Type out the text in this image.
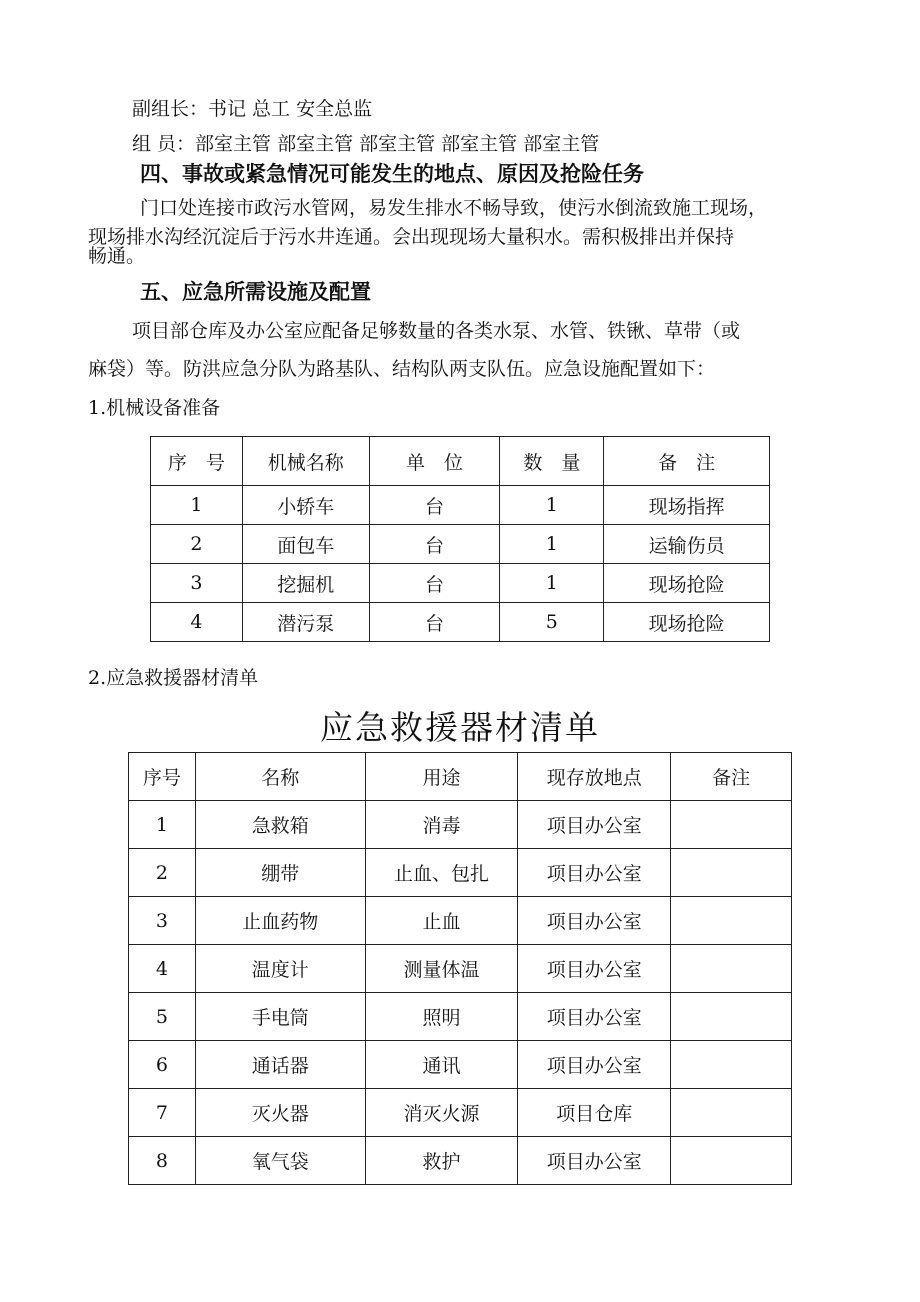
副组长：书记 总工 安全总监
组 员：部室主管 部室主管 部室主管 部室主管 部室主管
四、事故或紧急情况可能发生的地点、原因及抢险任务
门口处连接市政污水管网，易发生排水不畅导致，使污水倒流致施工现场，
现场排水沟经沉淀后于污水井连通。会出现现场大量积水。需积极排出并保持
畅通。
五、应急所需设施及配置
项目部仓库及办公室应配备足够数量的各类水泵、水管、铁锹、草带（或
麻袋）等。防洪应急分队为路基队、结构队两支队伍。应急设施配置如下：
1.机械设备准备
序　号	机械名称	单　位	数　量	备　注
1	小轿车	台	1	现场指挥
2	面包车	台	1	运输伤员
3	挖掘机	台	1	现场抢险
4	潜污泵	台	5	现场抢险
2.应急救援器材清单
应急救援器材清单
序号	名称	用途	现存放地点	备注
1	急救箱	消毒	项目办公室	
2	绷带	止血、包扎	项目办公室	
3	止血药物	止血	项目办公室	
4	温度计	测量体温	项目办公室	
5	手电筒	照明	项目办公室	
6	通话器	通讯	项目办公室	
7	灭火器	消灭火源	项目仓库	
8	氧气袋	救护	项目办公室	
